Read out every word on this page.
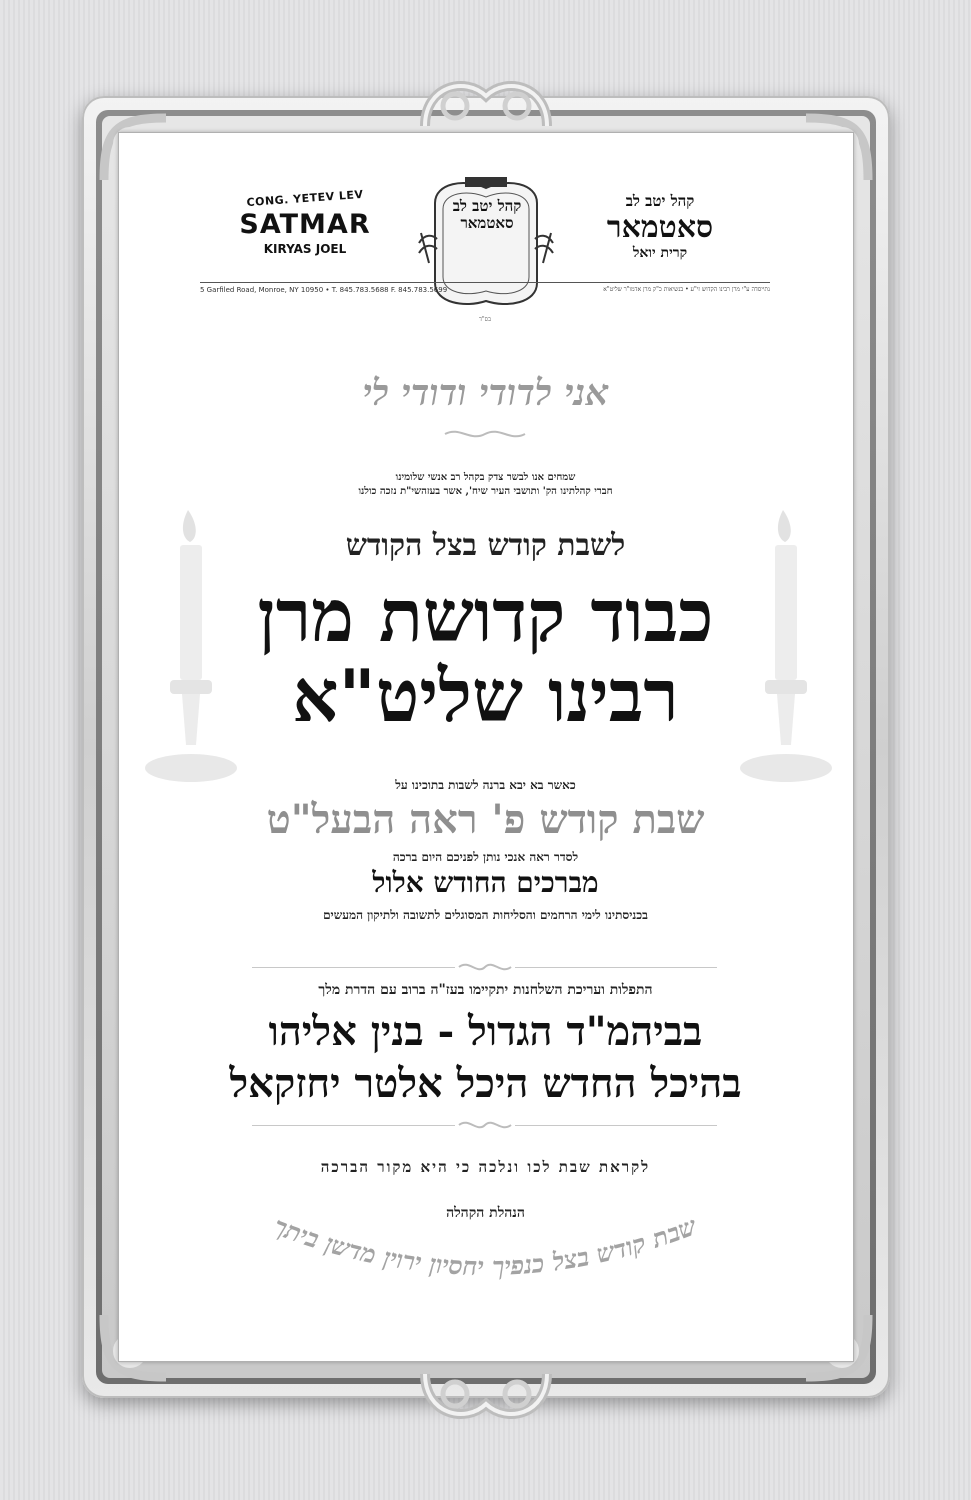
CONG. YETEV LEV
SATMAR
KIRYAS JOEL
קהל יטב לב סאטמאר
קהל יטב לב
סאטמאר
קרית יואל
5 Garfiled Road, Monroe, NY 10950 • T. 845.783.5688 F. 845.783.5699	נתייסדה ע"י מרן רבינו הקדוש זי"ע • בנשיאות כ"ק מרן אדמו"ר שליט"א
בס"ד
אני לדודי ודודי לי
שמחים אנו לבשר צדק בקהל רב אנשי שלומינו
חברי קהלתינו הק' ותושבי העיר שיח', אשר בעזהשי"ת נזכה כולנו
לשבת קודש בצל הקודש
כבוד קדושת מרן
רבינו שליט"א
כאשר בא יבא ברנה לשבות בתוכינו על
שבת קודש פ' ראה הבעל"ט
לסדר ראה אנכי נותן לפניכם היום ברכה
מברכים החודש אלול
בכניסתינו לימי הרחמים והסליחות המסוגלים לתשובה ולתיקון המעשים
התפלות ועריכת השלחנות יתקיימו בעז"ה ברוב עם הדרת מלך
בביהמ"ד הגדול - בנין אליהו
בהיכל החדש היכל אלטר יחזקאל
לקראת שבת לכו ונלכה כי היא מקור הברכה
הנהלת הקהלה
שבת קודש בצל כנפיך יחסיון ירוין מדשן ביתך
